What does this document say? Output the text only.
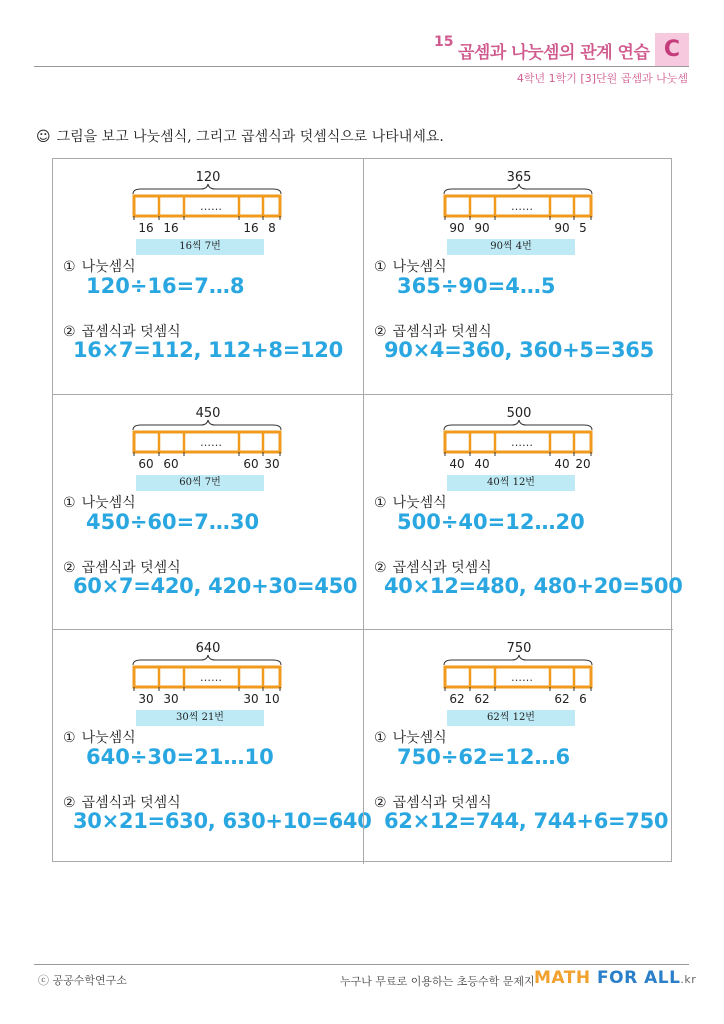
15
곱셈과 나눗셈의 관계 연습 C
4학년 1학기 [3]단원 곱셈과 나눗셈
☺ 그림을 보고 나눗셈식, 그리고 곱셈식과 덧셈식으로 나타내세요.
120
……
16 16	16 8
16씩 7번
① 나눗셈식
120÷16=7…8
② 곱셈식과 덧셈식
16×7=112, 112+8=120
365
……
90 90	90 5
90씩 4번
① 나눗셈식
365÷90=4…5
② 곱셈식과 덧셈식
90×4=360, 360+5=365
450
……
60 60	60 30
60씩 7번
① 나눗셈식
450÷60=7…30
② 곱셈식과 덧셈식
60×7=420, 420+30=450
500
……
40 40	40 20
40씩 12번
① 나눗셈식
500÷40=12…20
② 곱셈식과 덧셈식
40×12=480, 480+20=500
640
……
30 30	30 10
30씩 21번
① 나눗셈식
640÷30=21…10
② 곱셈식과 덧셈식
30×21=630, 630+10=640
750
……
62 62	62 6
62씩 12번
① 나눗셈식
750÷62=12…6
② 곱셈식과 덧셈식
62×12=744, 744+6=750
ⓒ 공공수학연구소	누구나 무료로 이용하는 초등수학 문제지 MATH FOR ALL.kr
